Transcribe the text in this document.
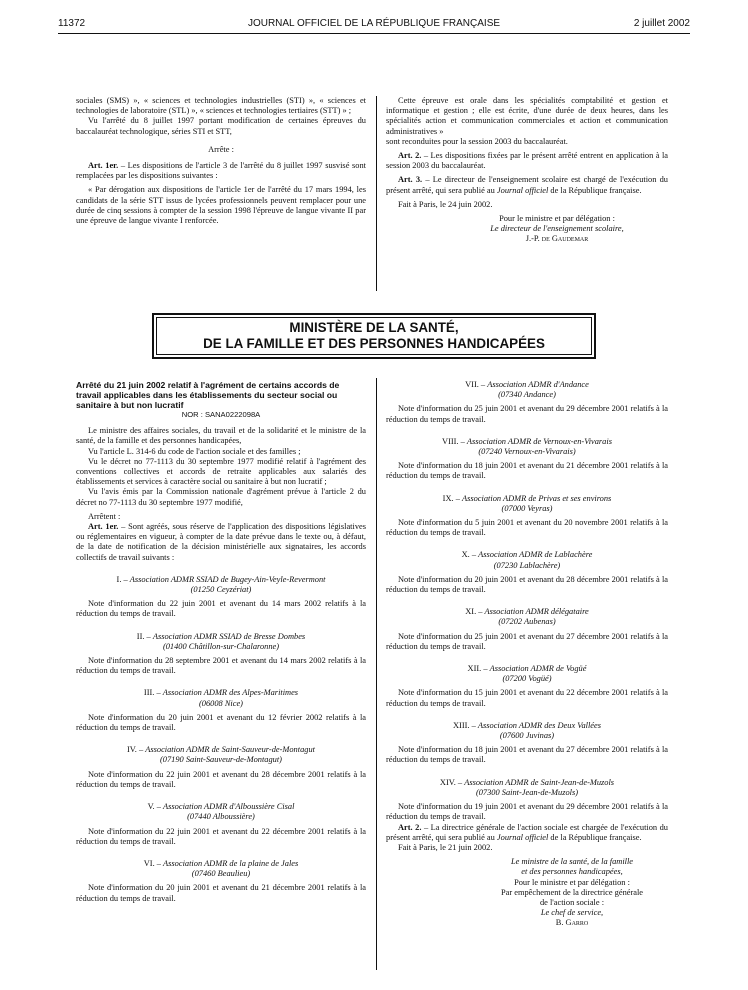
11372	JOURNAL OFFICIEL DE LA RÉPUBLIQUE FRANÇAISE	2 juillet 2002

sociales (SMS) », « sciences et technologies industrielles (STI) », « sciences et technologies de laboratoire (STL) », « sciences et technologies tertiaires (STT) » ;

Vu l'arrêté du 8 juillet 1997 portant modification de certaines épreuves du baccalauréat technologique, séries STI et STT,

Arrête :

Art. 1er. – Les dispositions de l'article 3 de l'arrêté du 8 juillet 1997 susvisé sont remplacées par les dispositions suivantes :

« Par dérogation aux dispositions de l'article 1er de l'arrêté du 17 mars 1994, les candidats de la série STT issus de lycées professionnels peuvent remplacer pour une durée de cinq sessions à compter de la session 1998 l'épreuve de langue vivante II par une épreuve de langue vivante I renforcée.

Cette épreuve est orale dans les spécialités comptabilité et gestion et informatique et gestion ; elle est écrite, d'une durée de deux heures, dans les spécialités action et communication commerciales et action et communication administratives »

sont reconduites pour la session 2003 du baccalauréat.

Art. 2. – Les dispositions fixées par le présent arrêté entrent en application à la session 2003 du baccalauréat.

Art. 3. – Le directeur de l'enseignement scolaire est chargé de l'exécution du présent arrêté, qui sera publié au Journal officiel de la République française.

Fait à Paris, le 24 juin 2002.

Pour le ministre et par délégation :

Le directeur de l'enseignement scolaire,

J.-P. de Gaudemar

MINISTÈRE DE LA SANTÉ,
DE LA FAMILLE ET DES PERSONNES HANDICAPÉES

Arrêté du 21 juin 2002 relatif à l'agrément de certains accords de travail applicables dans les établissements du secteur social ou sanitaire à but non lucratif

NOR : SANA0222098A

Le ministre des affaires sociales, du travail et de la solidarité et le ministre de la santé, de la famille et des personnes handicapées,

Vu l'article L. 314-6 du code de l'action sociale et des familles ;

Vu le décret no 77-1113 du 30 septembre 1977 modifié relatif à l'agrément des conventions collectives et accords de retraite applicables aux salariés des établissements et services à caractère social ou sanitaire à but non lucratif ;

Vu l'avis émis par la Commission nationale d'agrément prévue à l'article 2 du décret no 77-1113 du 30 septembre 1977 modifié,

Arrêtent :

Art. 1er. – Sont agréés, sous réserve de l'application des dispositions législatives ou réglementaires en vigueur, à compter de la date prévue dans le texte ou, à défaut, de la date de notification de la décision ministérielle aux signataires, les accords collectifs de travail suivants :

I. – Association ADMR SSIAD de Bugey-Ain-Veyle-Revermont

(01250 Ceyzériat)

Note d'information du 22 juin 2001 et avenant du 14 mars 2002 relatifs à la réduction du temps de travail.

II. – Association ADMR SSIAD de Bresse Dombes

(01400 Châtillon-sur-Chalaronne)

Note d'information du 28 septembre 2001 et avenant du 14 mars 2002 relatifs à la réduction du temps de travail.

III. – Association ADMR des Alpes-Maritimes

(06008 Nice)

Note d'information du 20 juin 2001 et avenant du 12 février 2002 relatifs à la réduction du temps de travail.

IV. – Association ADMR de Saint-Sauveur-de-Montagut

(07190 Saint-Sauveur-de-Montagut)

Note d'information du 22 juin 2001 et avenant du 28 décembre 2001 relatifs à la réduction du temps de travail.

V. – Association ADMR d'Alboussière Cisal

(07440 Alboussière)

Note d'information du 22 juin 2001 et avenant du 22 décembre 2001 relatifs à la réduction du temps de travail.

VI. – Association ADMR de la plaine de Jales

(07460 Beaulieu)

Note d'information du 20 juin 2001 et avenant du 21 décembre 2001 relatifs à la réduction du temps de travail.

VII. – Association ADMR d'Andance

(07340 Andance)

Note d'information du 25 juin 2001 et avenant du 29 décembre 2001 relatifs à la réduction du temps de travail.

VIII. – Association ADMR de Vernoux-en-Vivarais

(07240 Vernoux-en-Vivarais)

Note d'information du 18 juin 2001 et avenant du 21 décembre 2001 relatifs à la réduction du temps de travail.

IX. – Association ADMR de Privas et ses environs

(07000 Veyras)

Note d'information du 5 juin 2001 et avenant du 20 novembre 2001 relatifs à la réduction du temps de travail.

X. – Association ADMR de Lablachère

(07230 Lablachère)

Note d'information du 20 juin 2001 et avenant du 28 décembre 2001 relatifs à la réduction du temps de travail.

XI. – Association ADMR délégataire

(07202 Aubenas)

Note d'information du 25 juin 2001 et avenant du 27 décembre 2001 relatifs à la réduction du temps de travail.

XII. – Association ADMR de Vogüé

(07200 Vogüé)

Note d'information du 15 juin 2001 et avenant du 22 décembre 2001 relatifs à la réduction du temps de travail.

XIII. – Association ADMR des Deux Vallées

(07600 Juvinas)

Note d'information du 18 juin 2001 et avenant du 27 décembre 2001 relatifs à la réduction du temps de travail.

XIV. – Association ADMR de Saint-Jean-de-Muzols

(07300 Saint-Jean-de-Muzols)

Note d'information du 19 juin 2001 et avenant du 29 décembre 2001 relatifs à la réduction du temps de travail.

Art. 2. – La directrice générale de l'action sociale est chargée de l'exécution du présent arrêté, qui sera publié au Journal officiel de la République française.

Fait à Paris, le 21 juin 2002.

Le ministre de la santé, de la famille

et des personnes handicapées,

Pour le ministre et par délégation :

Par empêchement de la directrice générale

de l'action sociale :

Le chef de service,

B. Garro
